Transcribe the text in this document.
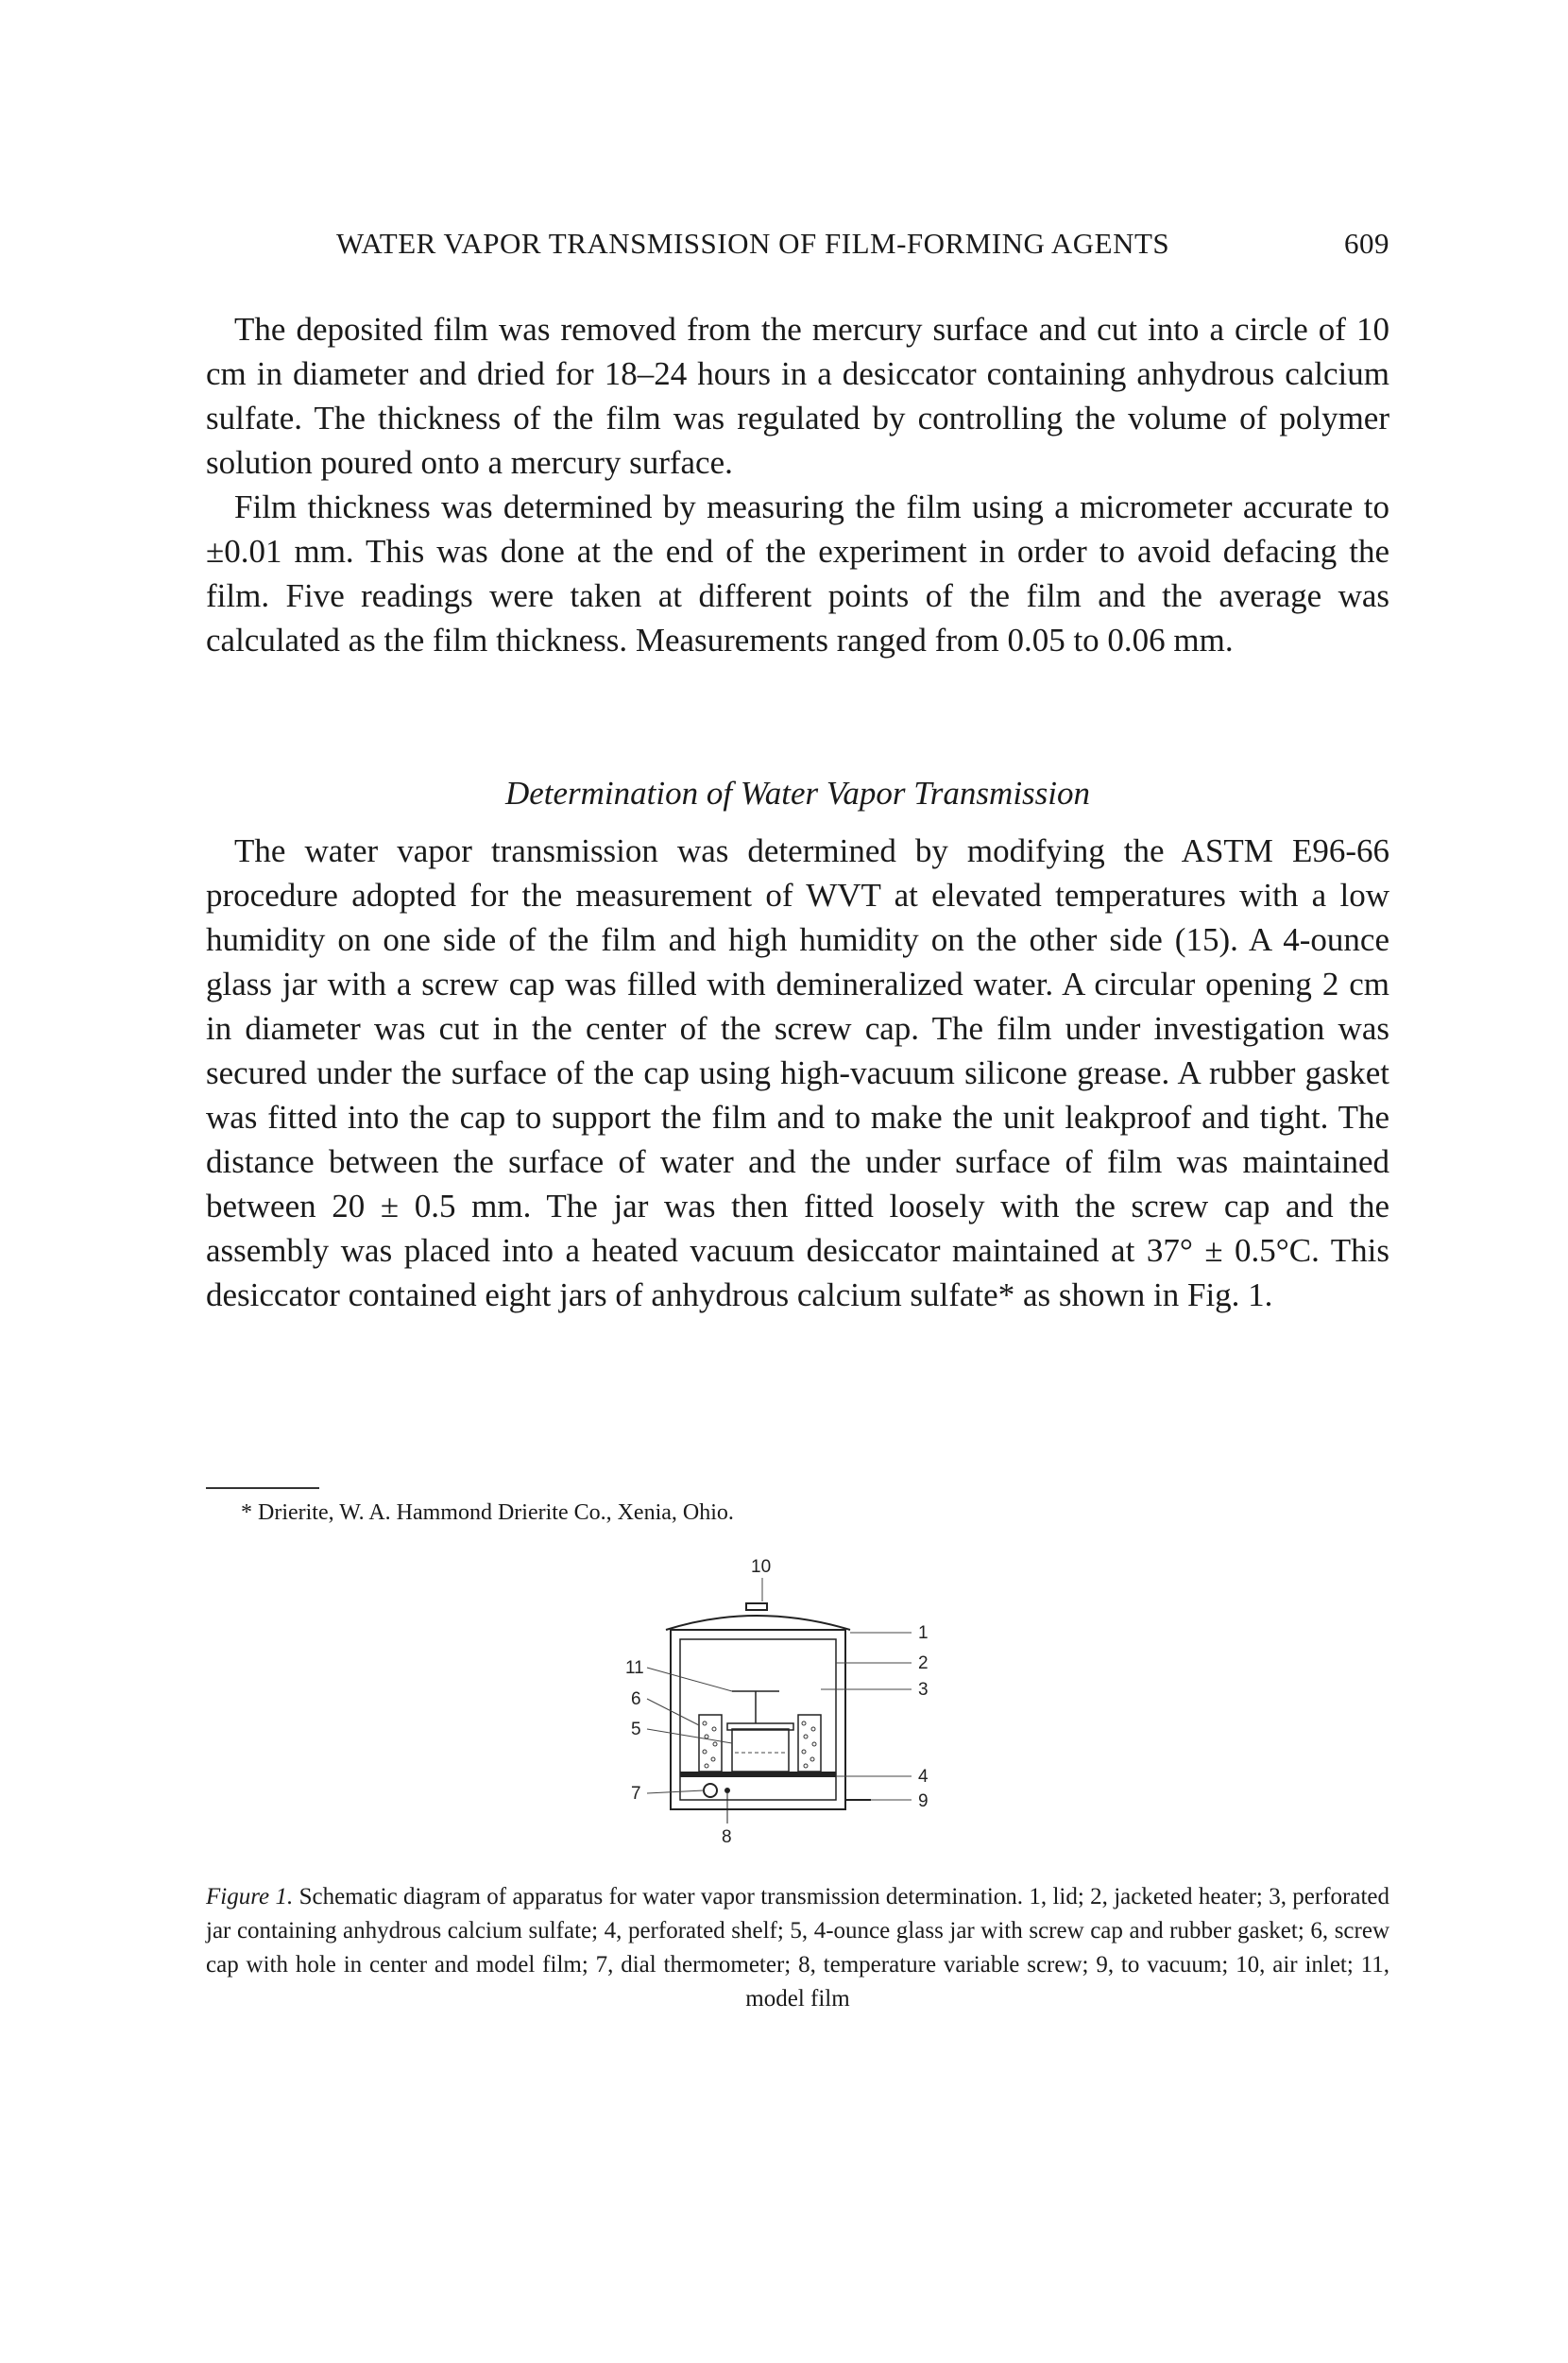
WATER VAPOR TRANSMISSION OF FILM-FORMING AGENTS	609

The deposited film was removed from the mercury surface and cut into a circle of 10 cm in diameter and dried for 18–24 hours in a desiccator containing anhydrous calcium sulfate. The thickness of the film was regulated by controlling the volume of polymer solution poured onto a mercury surface.

Film thickness was determined by measuring the film using a micrometer accurate to ±0.01 mm. This was done at the end of the experiment in order to avoid defacing the film. Five readings were taken at different points of the film and the average was calculated as the film thickness. Measurements ranged from 0.05 to 0.06 mm.

Determination of Water Vapor Transmission

The water vapor transmission was determined by modifying the ASTM E96-66 procedure adopted for the measurement of WVT at elevated temperatures with a low humidity on one side of the film and high humidity on the other side (15). A 4-ounce glass jar with a screw cap was filled with demineralized water. A circular opening 2 cm in diameter was cut in the center of the screw cap. The film under investigation was secured under the surface of the cap using high-vacuum silicone grease. A rubber gasket was fitted into the cap to support the film and to make the unit leakproof and tight. The distance between the surface of water and the under surface of film was maintained between 20 ± 0.5 mm. The jar was then fitted loosely with the screw cap and the assembly was placed into a heated vacuum desiccator maintained at 37° ± 0.5°C. This desiccator contained eight jars of anhydrous calcium sulfate* as shown in Fig. 1.

* Drierite, W. A. Hammond Drierite Co., Xenia, Ohio.
1
2
3
4
5
6
7
8
9
10
11
Figure 1. Schematic diagram of apparatus for water vapor transmission determination. 1, lid; 2, jacketed heater; 3, perforated jar containing anhydrous calcium sulfate; 4, perforated shelf; 5, 4-ounce glass jar with screw cap and rubber gasket; 6, screw cap with hole in center and model film; 7, dial thermometer; 8, temperature variable screw; 9, to vacuum; 10, air inlet; 11, model film
